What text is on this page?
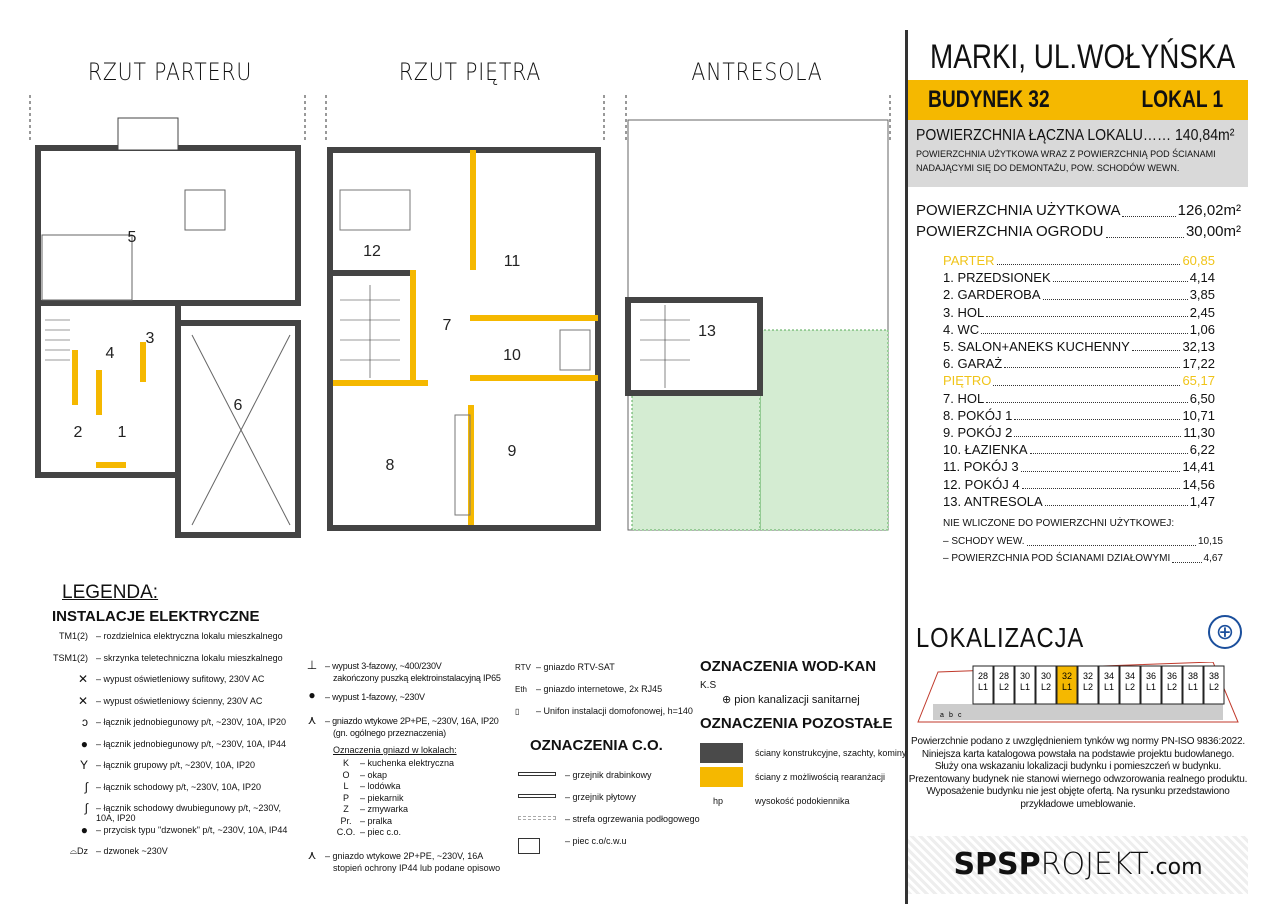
5
3
4
2 1
6
12
11
7
10
8
9
13
RZUT PARTERU	RZUT PIĘTRA	ANTRESOLA	MARKI, UL.WOŁYŃSKA
BUDYNEK 32	LOKAL 1
POWIERZCHNIA ŁĄCZNA LOKALU……
140,84m²
POWIERZCHNIA UŻYTKOWA WRAZ Z POWIERZCHNIĄ POD ŚCIANAMI
NADAJĄCYMI SIĘ DO DEMONTAŻU, POW. SCHODÓW WEWN.
POWIERZCHNIA UŻYTKOWA	126,02m²
POWIERZCHNIA OGRODU	30,00m²
PARTER	60,85
1. PRZEDSIONEK	4,14
2. GARDEROBA	3,85
3. HOL	2,45
4. WC	1,06
5. SALON+ANEKS KUCHENNY	32,13
6. GARAŻ	17,22
PIĘTRO	65,17
7. HOL	6,50
8. POKÓJ 1	10,71
9. POKÓJ 2	11,30
10. ŁAZIENKA	6,22
11. POKÓJ 3	14,41
12. POKÓJ 4	14,56
13. ANTRESOLA	1,47
NIE WLICZONE DO POWIERZCHNI UŻYTKOWEJ:
– SCHODY WEW.	10,15
– POWIERZCHNIA POD ŚCIANAMI DZIAŁOWYMI	4,67
LOKALIZACJA	⊕
a b c
28
L1
28
L2
30
L1
30
L2
32
L1
32
L2
34
L1
34
L2
36
L1
36
L2
38
L1
38
L2
Powierzchnie podano z uwzględnieniem tynków wg normy PN-ISO 9836:2022.
Niniejsza karta katalogowa powstała na podstawie projektu budowlanego.
Służy ona wskazaniu lokalizacji budynku i pomieszczeń w budynku.
Prezentowany budynek nie stanowi wiernego odwzorowania realnego produktu.
Wyposażenie budynku nie jest objęte ofertą. Na rysunku przedstawiono przykładowe umeblowanie.
SPSPROJEKT.com
LEGENDA:
INSTALACJE ELEKTRYCZNE
TM1(2) – rozdzielnica elektryczna lokalu mieszkalnego
TSM1(2) – skrzynka teletechniczna lokalu mieszkalnego
✕ – wypust oświetleniowy sufitowy, 230V AC
✕ – wypust oświetleniowy ścienny, 230V AC
ↄ – łącznik jednobiegunowy p/t, ~230V, 10A, IP20
● – łącznik jednobiegunowy p/t, ~230V, 10A, IP44
Y – łącznik grupowy p/t, ~230V, 10A, IP20
∫ – łącznik schodowy p/t, ~230V, 10A, IP20
∫ – łącznik schodowy dwubiegunowy p/t, ~230V, 10A, IP20
● – przycisk typu "dzwonek" p/t, ~230V, 10A, IP44
⌓Dz – dzwonek ~230V
– wypust 3-fazowy, ~400/230V
zakończony puszką elektroinstalacyjną IP65
– wypust 1-fazowy, ~230V
– gniazdo wtykowe 2P+PE, ~230V, 16A, IP20
(gn. ogólnego przeznaczenia)
Oznaczenia gniazd w lokalach:
K	– kuchenka elektryczna
O	– okap
L	– lodówka
P	– piekarnik
Z	– zmywarka
Pr. – pralka
C.O. – piec c.o.
– gniazdo wtykowe 2P+PE, ~230V, 16A
stopień ochrony IP44 lub podane opisowo
⊥
●
⋏
⋏
RTV – gniazdo RTV-SAT
Eth – gniazdo internetowe, 2x RJ45
▯ – Unifon instalacji domofonowej, h=140
OZNACZENIA C.O.
– grzejnik drabinkowy
– grzejnik płytowy
– strefa ogrzewania podłogowego
– piec c.o/c.w.u
OZNACZENIA WOD-KAN
K.S
⊕ pion kanalizacji sanitarnej
OZNACZENIA POZOSTAŁE
ściany konstrukcyjne, szachty, kominy
ściany z możliwością rearanżacji
hp	wysokość podokiennika
